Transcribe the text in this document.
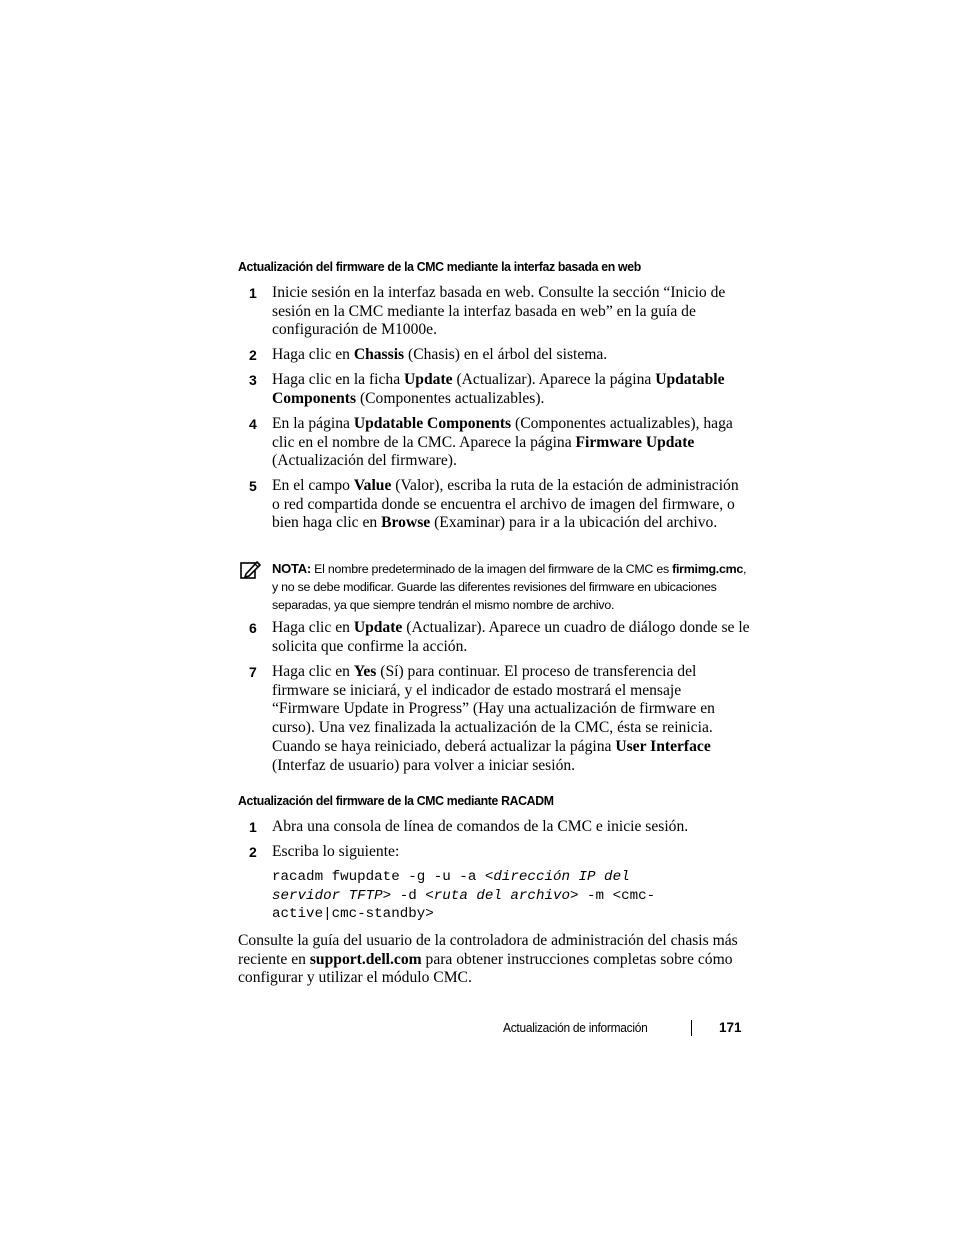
Actualización del firmware de la CMC mediante la interfaz basada en web
1 Inicie sesión en la interfaz basada en web. Consulte la sección “Inicio de sesión en la CMC mediante la interfaz basada en web” en la guía de configuración de M1000e.
2 Haga clic en Chassis (Chasis) en el árbol del sistema.
3 Haga clic en la ficha Update (Actualizar). Aparece la página Updatable Components (Componentes actualizables).
4 En la página Updatable Components (Componentes actualizables), haga clic en el nombre de la CMC. Aparece la página Firmware Update (Actualización del firmware).
5 En el campo Value (Valor), escriba la ruta de la estación de administración o red compartida donde se encuentra el archivo de imagen del firmware, o bien haga clic en Browse (Examinar) para ir a la ubicación del archivo.
NOTA: El nombre predeterminado de la imagen del firmware de la CMC es firmimg.cmc, y no se debe modificar. Guarde las diferentes revisiones del firmware en ubicaciones separadas, ya que siempre tendrán el mismo nombre de archivo.
6 Haga clic en Update (Actualizar). Aparece un cuadro de diálogo donde se le solicita que confirme la acción.
7 Haga clic en Yes (Sí) para continuar. El proceso de transferencia del firmware se iniciará, y el indicador de estado mostrará el mensaje “Firmware Update in Progress” (Hay una actualización de firmware en curso). Una vez finalizada la actualización de la CMC, ésta se reinicia. Cuando se haya reiniciado, deberá actualizar la página User Interface (Interfaz de usuario) para volver a iniciar sesión.
Actualización del firmware de la CMC mediante RACADM
1 Abra una consola de línea de comandos de la CMC e inicie sesión.
2 Escriba lo siguiente:
racadm fwupdate -g -u -a <dirección IP del
servidor TFTP> -d <ruta del archivo> -m <cmc-
active|cmc-standby>
Consulte la guía del usuario de la controladora de administración del chasis más reciente en support.dell.com para obtener instrucciones completas sobre cómo configurar y utilizar el módulo CMC.
Actualización de información	171
